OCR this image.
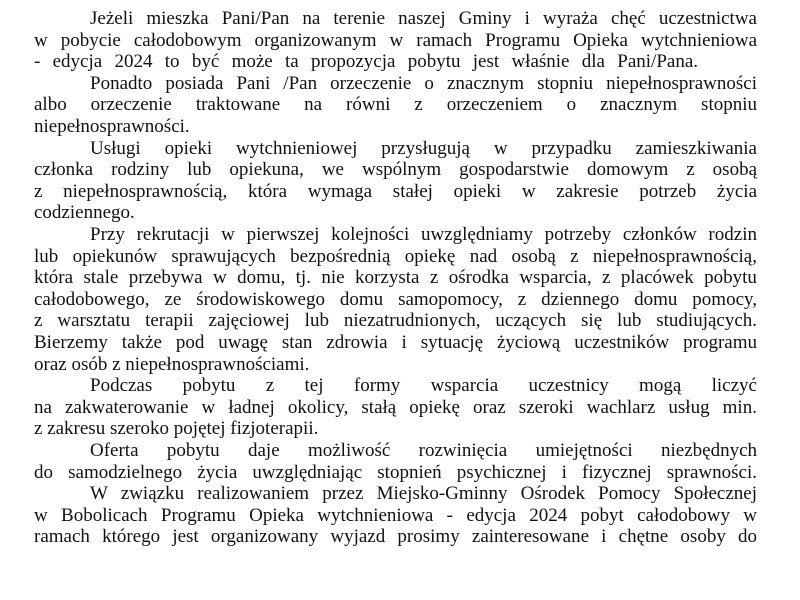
Jeżeli mieszka Pani/Pan na terenie naszej Gminy i wyraża chęć uczestnictwa
w pobycie całodobowym organizowanym w ramach Programu Opieka wytchnieniowa
- edycja 2024 to być może ta propozycja pobytu jest właśnie dla Pani/Pana.
Ponadto posiada Pani /Pan orzeczenie o znacznym stopniu niepełnosprawności
albo orzeczenie traktowane na równi z orzeczeniem o znacznym stopniu
niepełnosprawności.
Usługi opieki wytchnieniowej przysługują w przypadku zamieszkiwania
członka rodziny lub opiekuna, we wspólnym gospodarstwie domowym z osobą
z niepełnosprawnością, która wymaga stałej opieki w zakresie potrzeb życia
codziennego.
Przy rekrutacji w pierwszej kolejności uwzględniamy potrzeby członków rodzin
lub opiekunów sprawujących bezpośrednią opiekę nad osobą z niepełnosprawnością,
która stale przebywa w domu, tj. nie korzysta z ośrodka wsparcia, z placówek pobytu
całodobowego, ze środowiskowego domu samopomocy, z dziennego domu pomocy,
z warsztatu terapii zajęciowej lub niezatrudnionych, uczących się lub studiujących.
Bierzemy także pod uwagę stan zdrowia i sytuację życiową uczestników programu
oraz osób z niepełnosprawnościami.
Podczas pobytu z tej formy wsparcia uczestnicy mogą liczyć
na zakwaterowanie w ładnej okolicy, stałą opiekę oraz szeroki wachlarz usług min.
z zakresu szeroko pojętej fizjoterapii.
Oferta pobytu daje możliwość rozwinięcia umiejętności niezbędnych
do samodzielnego życia uwzględniając stopnień psychicznej i fizycznej sprawności.
W związku realizowaniem przez Miejsko-Gminny Ośrodek Pomocy Społecznej
w Bobolicach Programu Opieka wytchnieniowa - edycja 2024 pobyt całodobowy w
ramach którego jest organizowany wyjazd prosimy zainteresowane i chętne osoby do
